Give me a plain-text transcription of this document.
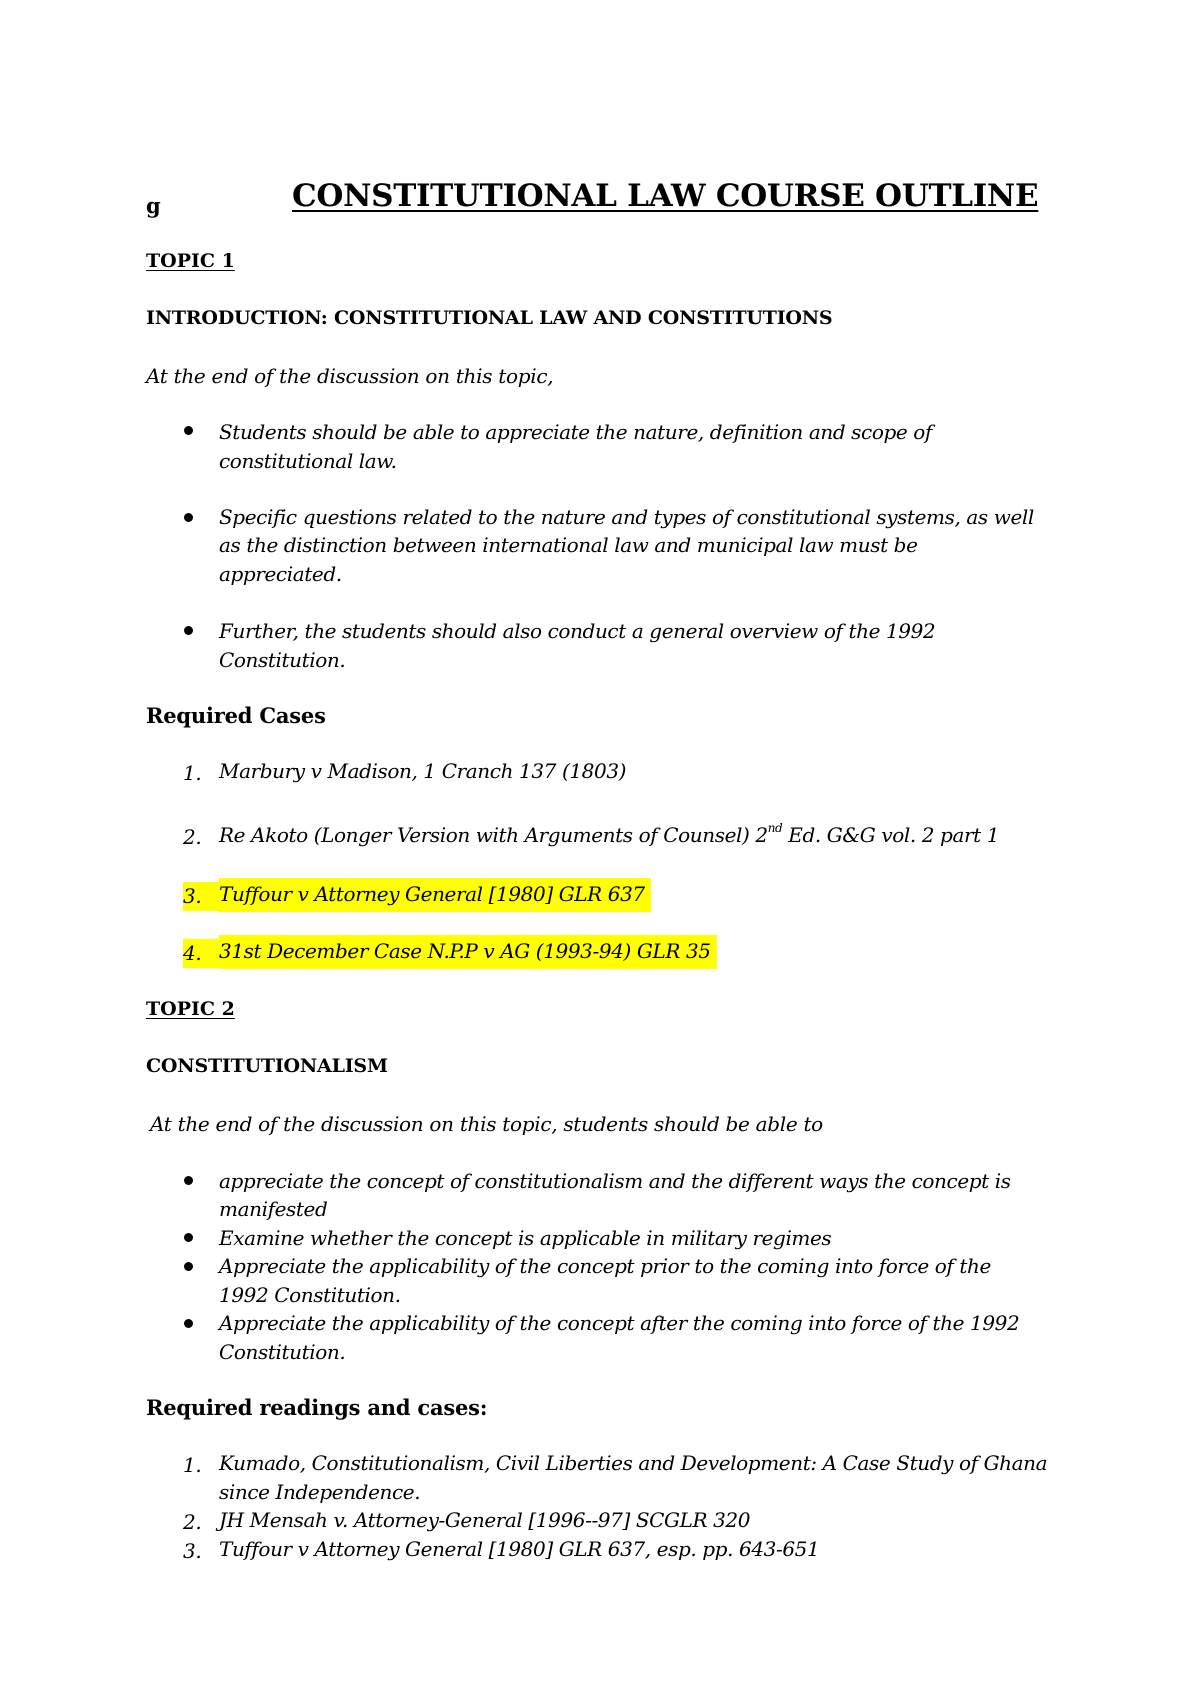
g	CONSTITUTIONAL LAW COURSE OUTLINE
TOPIC 1
INTRODUCTION: CONSTITUTIONAL LAW AND CONSTITUTIONS
At the end of the discussion on this topic,
Students should be able to appreciate the nature, definition and scope of
constitutional law.
Specific questions related to the nature and types of constitutional systems, as well
as the distinction between international law and municipal law must be
appreciated.
Further, the students should also conduct a general overview of the 1992
Constitution.
Required Cases
1. Marbury v Madison, 1 Cranch 137 (1803)
2. Re Akoto (Longer Version with Arguments of Counsel) 2nd Ed. G&G vol. 2 part 1
3. Tuffour v Attorney General [1980] GLR 637
4. 31st December Case N.P.P v AG (1993-94) GLR 35
TOPIC 2
CONSTITUTIONALISM
At the end of the discussion on this topic, students should be able to
appreciate the concept of constitutionalism and the different ways the concept is
manifested
Examine whether the concept is applicable in military regimes
Appreciate the applicability of the concept prior to the coming into force of the
1992 Constitution.
Appreciate the applicability of the concept after the coming into force of the 1992
Constitution.
Required readings and cases:
1. Kumado, Constitutionalism, Civil Liberties and Development: A Case Study of Ghana
since Independence.
2. JH Mensah v. Attorney-General [1996--97] SCGLR 320
3. Tuffour v Attorney General [1980] GLR 637, esp. pp. 643-651
